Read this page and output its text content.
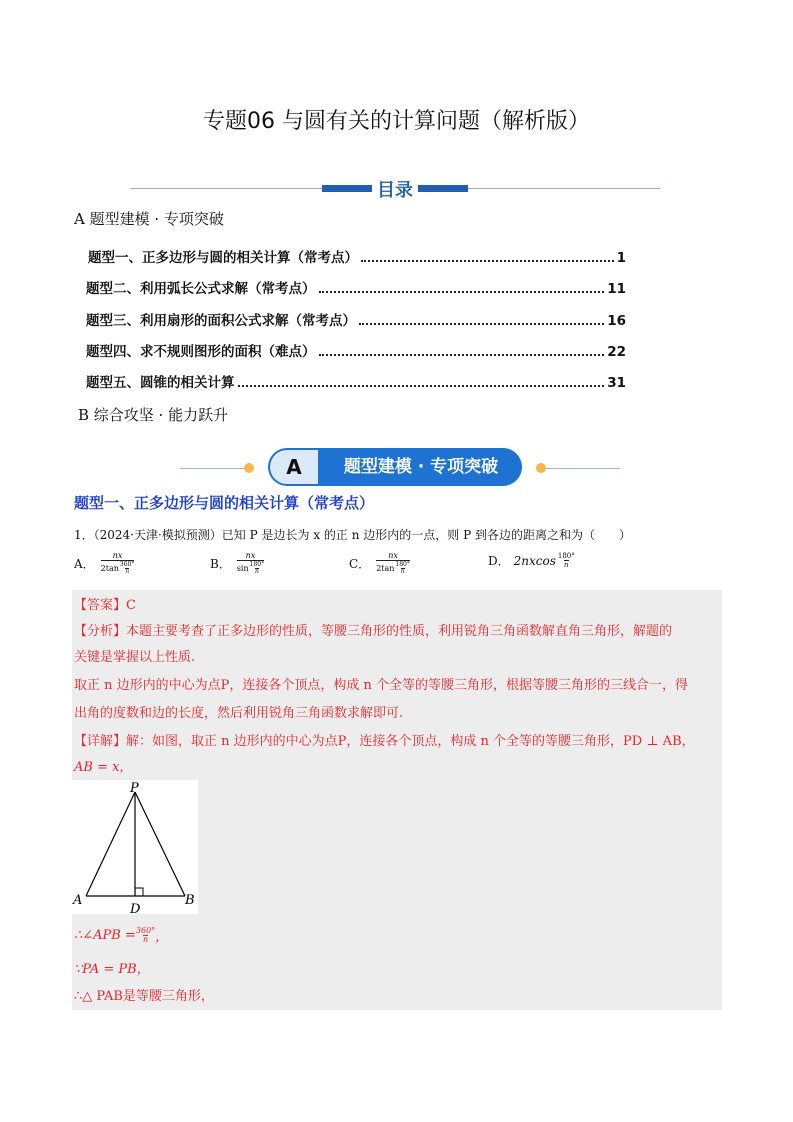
专题06 与圆有关的计算问题（解析版）
目录
A 题型建模 · 专项突破
题型一、正多边形与圆的相关计算（常考点）	1
题型二、利用弧长公式求解（常考点）	11
题型三、利用扇形的面积公式求解（常考点）	16
题型四、求不规则图形的面积（难点）	22
题型五、圆锥的相关计算	31
B 综合攻坚 · 能力跃升
A	题型建模 · 专项突破
题型一、正多边形与圆的相关计算（常考点）
1．（2024·天津·模拟预测）已知 P 是边长为 x 的正 n 边形内的一点，则 P 到各边的距离之和为（　　）
A． $\frac{nx}{2\tan \frac{360^\circ}{n}}$	B． $\frac{nx}{\sin \frac{180^\circ}{n}}$	C． $\frac{nx}{2\tan \frac{180^\circ}{n}}$	D． $2nxcos \frac{180^\circ}{n}$
【答案】C
【分析】本题主要考查了正多边形的性质，等腰三角形的性质，利用锐角三角函数解直角三角形，解题的
关键是掌握以上性质.
取正 n 边形内的中心为点P，连接各个顶点，构成 n 个全等的等腰三角形，根据等腰三角形的三线合一，得
出角的度数和边的长度，然后利用锐角三角函数求解即可.
【详解】解：如图，取正 n 边形内的中心为点P，连接各个顶点，构成 n 个全等的等腰三角形，PD ⊥ AB，
AB = x，
P
A	B
D
∴∠APB = $\frac{360^\circ}{n}$ ，
∵PA = PB，
∴△ PAB是等腰三角形，
